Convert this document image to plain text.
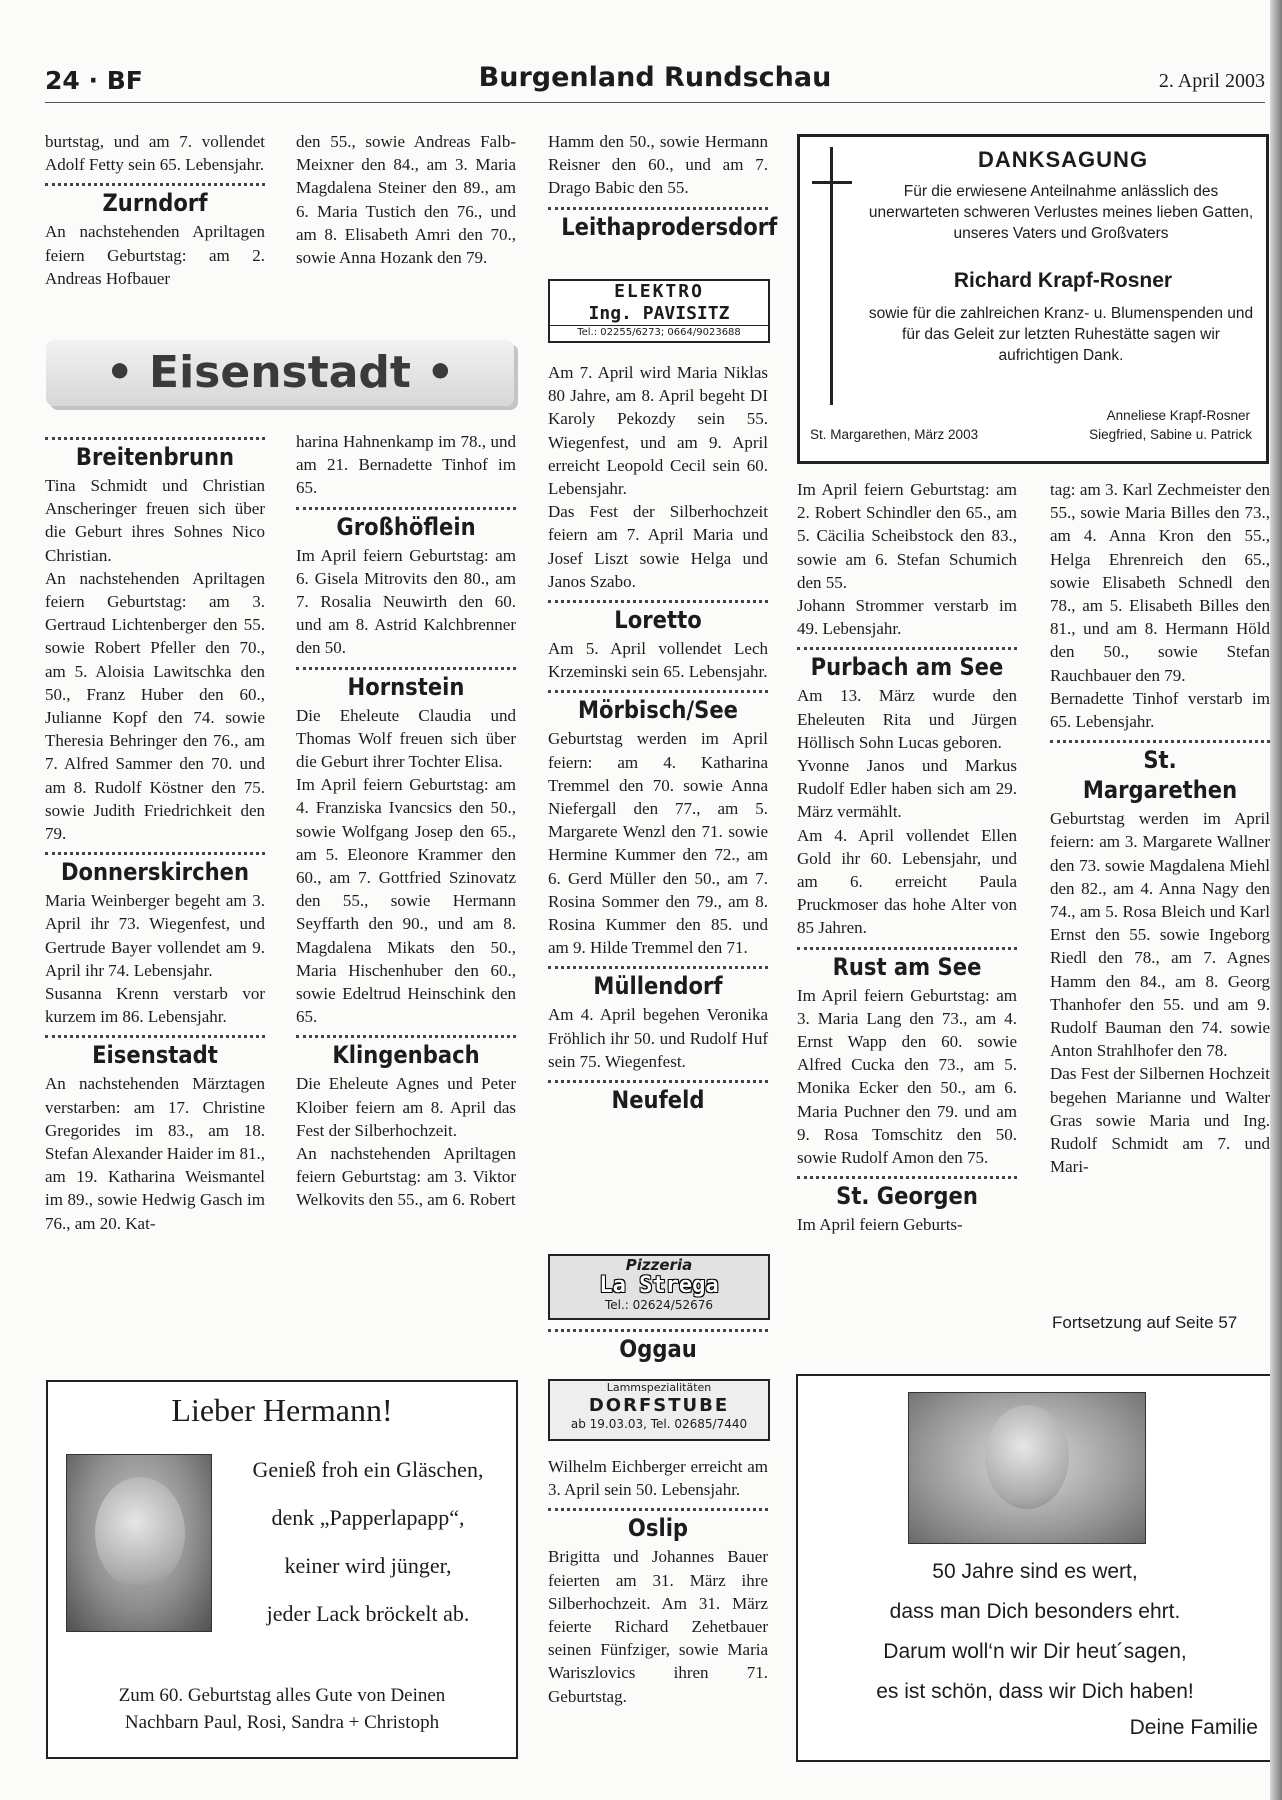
24 · BF	Burgenland Rundschau	2. April 2003

burtstag, und am 7. vollendet Adolf Fetty sein 65. Lebensjahr.

Zurndorf

An nachstehenden Apriltagen feiern Geburtstag: am 2. Andreas Hofbauer

den 55., sowie Andreas Falb-Meixner den 84., am 3. Maria Magdalena Steiner den 89., am 6. Maria Tustich den 76., und am 8. Elisabeth Amri den 70., sowie Anna Hozank den 79.

• Eisenstadt •
Breitenbrunn

Tina Schmidt und Christian Anscheringer freuen sich über die Geburt ihres Sohnes Nico Christian.

An nachstehenden Apriltagen feiern Geburtstag: am 3. Gertraud Lichtenberger den 55. sowie Robert Pfeller den 70., am 5. Aloisia Lawitschka den 50., Franz Huber den 60., Julianne Kopf den 74. sowie Theresia Behringer den 76., am 7. Alfred Sammer den 70. und am 8. Rudolf Köstner den 75. sowie Judith Friedrichkeit den 79.

Donnerskirchen

Maria Weinberger begeht am 3. April ihr 73. Wiegenfest, und Gertrude Bayer vollendet am 9. April ihr 74. Lebensjahr.

Susanna Krenn verstarb vor kurzem im 86. Lebensjahr.

Eisenstadt

An nachstehenden Märztagen verstarben: am 17. Christine Gregorides im 83., am 18. Stefan Alexander Haider im 81., am 19. Katharina Weismantel im 89., sowie Hedwig Gasch im 76., am 20. Kat-

harina Hahnenkamp im 78., und am 21. Bernadette Tinhof im 65.

Großhöflein

Im April feiern Geburtstag: am 6. Gisela Mitrovits den 80., am 7. Rosalia Neuwirth den 60. und am 8. Astrid Kalchbrenner den 50.

Hornstein

Die Eheleute Claudia und Thomas Wolf freuen sich über die Geburt ihrer Tochter Elisa.

Im April feiern Geburtstag: am 4. Franziska Ivancsics den 50., sowie Wolfgang Josep den 65., am 5. Eleonore Krammer den 60., am 7. Gottfried Szinovatz den 55., sowie Hermann Seyffarth den 90., und am 8. Magdalena Mikats den 50., Maria Hischenhuber den 60., sowie Edeltrud Heinschink den 65.

Klingenbach

Die Eheleute Agnes und Peter Kloiber feiern am 8. April das Fest der Silberhochzeit.

An nachstehenden Apriltagen feiern Geburtstag: am 3. Viktor Welkovits den 55., am 6. Robert

Hamm den 50., sowie Hermann Reisner den 60., und am 7. Drago Babic den 55.

Leithaprodersdorf
ELEKTRO
Ing. PAVISITZ
Tel.: 02255/6273; 0664/9023688

Am 7. April wird Maria Niklas 80 Jahre, am 8. April begeht DI Karoly Pekozdy sein 55. Wiegenfest, und am 9. April erreicht Leopold Cecil sein 60. Lebensjahr.

Das Fest der Silberhochzeit feiern am 7. April Maria und Josef Liszt sowie Helga und Janos Szabo.

Loretto

Am 5. April vollendet Lech Krzeminski sein 65. Lebensjahr.

Mörbisch/See

Geburtstag werden im April feiern: am 4. Katharina Tremmel den 70. sowie Anna Niefergall den 77., am 5. Margarete Wenzl den 71. sowie Hermine Kummer den 72., am 6. Gerd Müller den 50., am 7. Rosina Sommer den 79., am 8. Rosina Kummer den 85. und am 9. Hilde Tremmel den 71.

Müllendorf

Am 4. April begehen Veronika Fröhlich ihr 50. und Rudolf Huf sein 75. Wiegenfest.

Neufeld
Pizzeria
La Strega
Tel.: 02624/52676
Oggau
Lammspezialitäten
DORFSTUBE
ab 19.03.03, Tel. 02685/7440

Wilhelm Eichberger erreicht am 3. April sein 50. Lebensjahr.

Oslip

Brigitta und Johannes Bauer feierten am 31. März ihre Silberhochzeit. Am 31. März feierte Richard Zehetbauer seinen Fünfziger, sowie Maria Wariszlovics ihren 71. Geburtstag.

DANKSAGUNG
Für die erwiesene Anteilnahme anlässlich des unerwarteten schweren Verlustes meines lieben Gatten, unseres Vaters und Großvaters
Richard Krapf-Rosner
sowie für die zahlreichen Kranz- u. Blumenspenden und für das Geleit zur letzten Ruhestätte sagen wir aufrichtigen Dank.
St. Margarethen, März 2003
Anneliese Krapf-Rosner
Siegfried, Sabine u. Patrick

Im April feiern Geburtstag: am 2. Robert Schindler den 65., am 5. Cäcilia Scheibstock den 83., sowie am 6. Stefan Schumich den 55.

Johann Strommer verstarb im 49. Lebensjahr.

Purbach am See

Am 13. März wurde den Eheleuten Rita und Jürgen Höllisch Sohn Lucas geboren.

Yvonne Janos und Markus Rudolf Edler haben sich am 29. März vermählt.

Am 4. April vollendet Ellen Gold ihr 60. Lebensjahr, und am 6. erreicht Paula Pruckmoser das hohe Alter von 85 Jahren.

Rust am See

Im April feiern Geburtstag: am 3. Maria Lang den 73., am 4. Ernst Wapp den 60. sowie Alfred Cucka den 73., am 5. Monika Ecker den 50., am 6. Maria Puchner den 79. und am 9. Rosa Tomschitz den 50. sowie Rudolf Amon den 75.

St. Georgen

Im April feiern Geburts-

tag: am 3. Karl Zechmeister den 55., sowie Maria Billes den 73., am 4. Anna Kron den 55., Helga Ehrenreich den 65., sowie Elisabeth Schnedl den 78., am 5. Elisabeth Billes den 81., und am 8. Hermann Höld den 50., sowie Stefan Rauchbauer den 79.

Bernadette Tinhof verstarb im 65. Lebensjahr.

St. Margarethen

Geburtstag werden im April feiern: am 3. Margarete Wallner den 73. sowie Magdalena Miehl den 82., am 4. Anna Nagy den 74., am 5. Rosa Bleich und Karl Ernst den 55. sowie Ingeborg Riedl den 78., am 7. Agnes Hamm den 84., am 8. Georg Thanhofer den 55. und am 9. Rudolf Bauman den 74. sowie Anton Strahlhofer den 78.

Das Fest der Silbernen Hochzeit begehen Marianne und Walter Gras sowie Maria und Ing. Rudolf Schmidt am 7. und Mari-

Fortsetzung auf Seite 57
Lieber Hermann!
Genieß froh ein Gläschen,
denk „Papperlapapp“,
keiner wird jünger,
jeder Lack bröckelt ab.
Zum 60. Geburtstag alles Gute von Deinen
Nachbarn Paul, Rosi, Sandra + Christoph
50 Jahre sind es wert,
dass man Dich besonders ehrt.
Darum woll‘n wir Dir heut´sagen,
es ist schön, dass wir Dich haben!
Deine Familie
